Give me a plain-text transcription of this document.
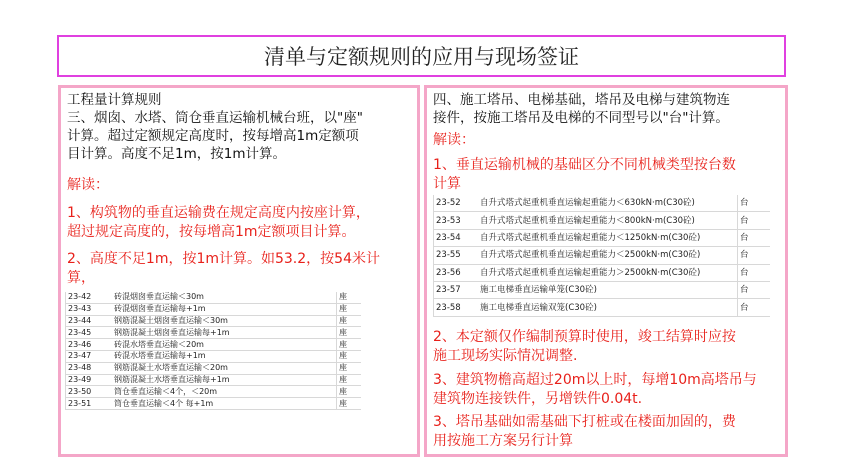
清单与定额规则的应用与现场签证
工程量计算规则
三、烟囱、水塔、筒仓垂直运输机械台班，以"座"
计算。超过定额规定高度时，按每增高1m定额项
目计算。高度不足1m，按1m计算。
解读：
1、构筑物的垂直运输费在规定高度内按座计算，
超过规定高度的，按每增高1m定额项目计算。
2、高度不足1m，按1m计算。如53.2，按54米计
算，
23-42	砖混烟囱垂直运输＜30m	座
23-43	砖混烟囱垂直运输每+1m	座
23-44	钢筋混凝土烟囱垂直运输＜30m	座
23-45	钢筋混凝土烟囱垂直运输每+1m	座
23-46	砖混水塔垂直运输＜20m	座
23-47	砖混水塔垂直运输每+1m	座
23-48	钢筋混凝土水塔垂直运输＜20m	座
23-49	钢筋混凝土水塔垂直运输每+1m	座
23-50	筒仓垂直运输＜4个，＜20m	座
23-51	筒仓垂直运输＜4个 每+1m	座
四、施工塔吊、电梯基础，塔吊及电梯与建筑物连
接件，按施工塔吊及电梯的不同型号以"台"计算。
解读：
1、垂直运输机械的基础区分不同机械类型按台数
计算
23-52	自升式塔式起重机垂直运输起重能力＜630kN·m(C30砼)	台
23-53	自升式塔式起重机垂直运输起重能力＜800kN·m(C30砼)	台
23-54	自升式塔式起重机垂直运输起重能力＜1250kN·m(C30砼)	台
23-55	自升式塔式起重机垂直运输起重能力＜2500kN·m(C30砼)	台
23-56	自升式塔式起重机垂直运输起重能力＞2500kN·m(C30砼)	台
23-57	施工电梯垂直运输单笼(C30砼)	台
23-58	施工电梯垂直运输双笼(C30砼)	台
2、本定额仅作编制预算时使用，竣工结算时应按
施工现场实际情况调整.
3、建筑物檐高超过20m以上时，每增10m高塔吊与
建筑物连接铁件，另增铁件0.04t.
3、塔吊基础如需基础下打桩或在楼面加固的，费
用按施工方案另行计算
